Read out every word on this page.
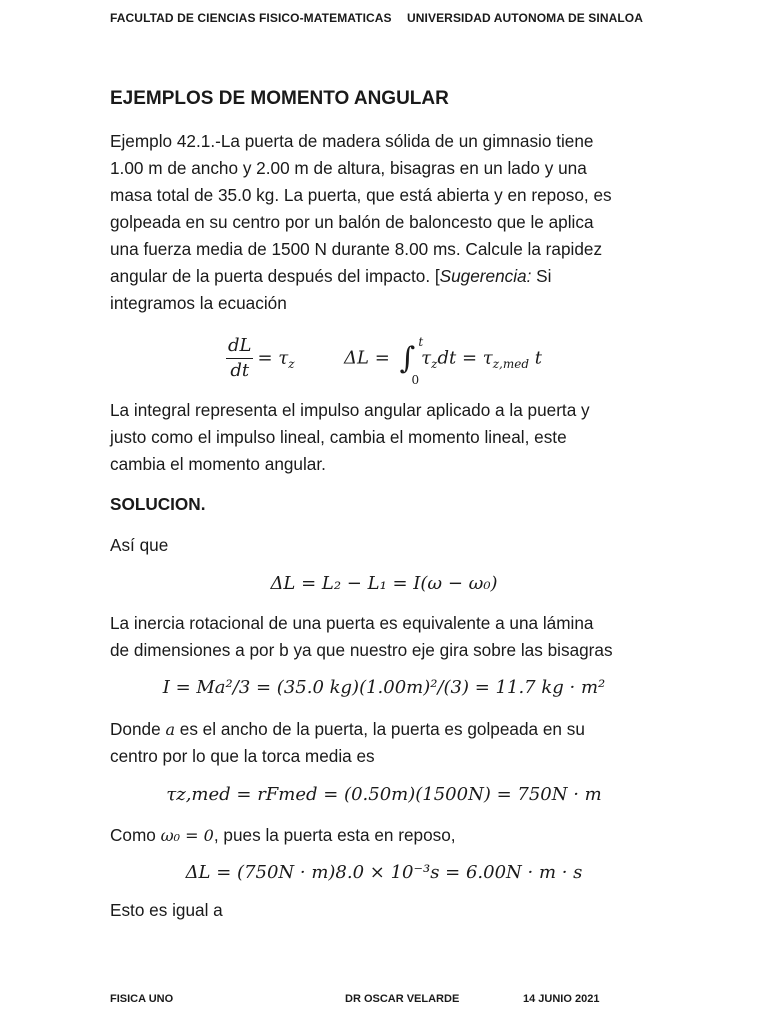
FACULTAD DE CIENCIAS FISICO-MATEMATICAS UNIVERSIDAD AUTONOMA DE SINALOA
EJEMPLOS DE MOMENTO ANGULAR

Ejemplo 42.1.-La puerta de madera sólida de un gimnasio tiene
1.00 m de ancho y 2.00 m de altura, bisagras en un lado y una
masa total de 35.0 kg. La puerta, que está abierta y en reposo, es
golpeada en su centro por un balón de baloncesto que le aplica
una fuerza media de 1500 N durante 8.00 ms. Calcule la rapidez
angular de la puerta después del impacto. [Sugerencia: Si
integramos la ecuación

$\frac{dL}{dt} = \tau_z$	ΔL = ∫ t
0
$\tau_zdt = \tau_{z,med}$ t

La integral representa el impulso angular aplicado a la puerta y
justo como el impulso lineal, cambia el momento lineal, este
cambia el momento angular.

SOLUCION.
Así que
ΔL = L₂ − L₁ = I(ω − ω₀)

La inercia rotacional de una puerta es equivalente a una lámina
de dimensiones a por b ya que nuestro eje gira sobre las bisagras

I = Ma²/3 = (35.0 kg)(1.00m)²/(3) = 11.7 kg · m²

Donde a es el ancho de la puerta, la puerta es golpeada en su
centro por lo que la torca media es

τz,med = rFmed = (0.50m)(1500N) = 750N · m

Como ω₀ = 0, pues la puerta esta en reposo,

ΔL = (750N · m)8.0 × 10⁻³s = 6.00N · m · s
Esto es igual a
FISICA UNO	DR OSCAR VELARDE	14 JUNIO 2021
